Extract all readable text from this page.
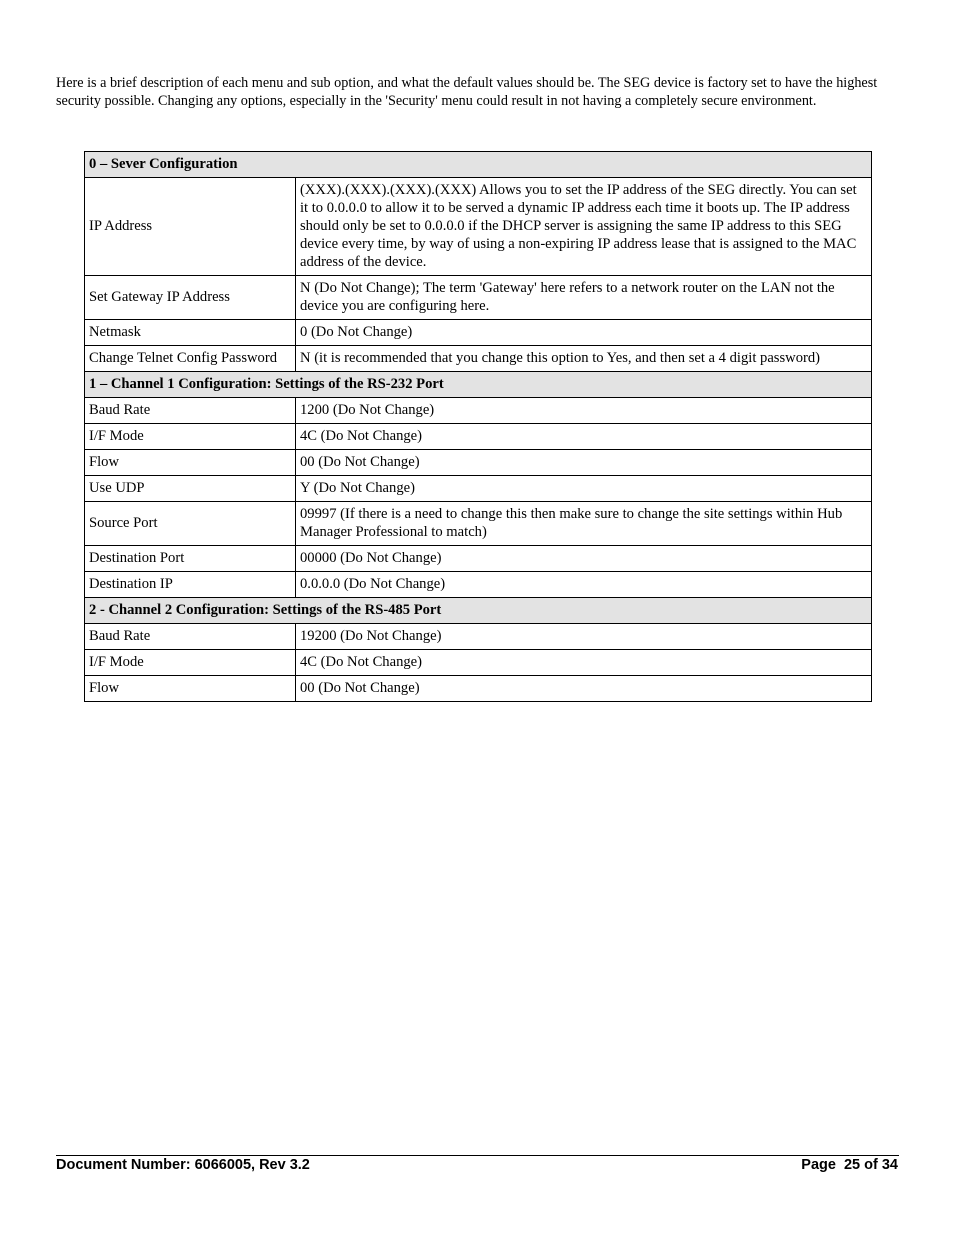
Here is a brief description of each menu and sub option, and what the default values should be. The SEG device is factory set to have the highest security possible. Changing any options, especially in the 'Security' menu could result in not having a completely secure environment.

0 – Sever Configuration	
IP Address	(XXX).(XXX).(XXX).(XXX) Allows you to set the IP address of the SEG directly. You can set it to 0.0.0.0 to allow it to be served a dynamic IP address each time it boots up. The IP address should only be set to 0.0.0.0 if the DHCP server is assigning the same IP address to this SEG device every time, by way of using a non-expiring IP address lease that is assigned to the MAC address of the device.
Set Gateway IP Address	N (Do Not Change); The term 'Gateway' here refers to a network router on the LAN not the device you are configuring here.
Netmask	0 (Do Not Change)
Change Telnet Config Password	N (it is recommended that you change this option to Yes, and then set a 4 digit password)
1 – Channel 1 Configuration: Settings of the RS-232 Port	
Baud Rate	1200 (Do Not Change)
I/F Mode	4C (Do Not Change)
Flow	00 (Do Not Change)
Use UDP	Y (Do Not Change)
Source Port	09997 (If there is a need to change this then make sure to change the site settings within Hub Manager Professional to match)
Destination Port	00000 (Do Not Change)
Destination IP	0.0.0.0 (Do Not Change)
2 - Channel 2 Configuration: Settings of the RS-485 Port	
Baud Rate	19200 (Do Not Change)
I/F Mode	4C (Do Not Change)
Flow	00 (Do Not Change)
Document Number: 6066005, Rev 3.2	Page  25 of 34
